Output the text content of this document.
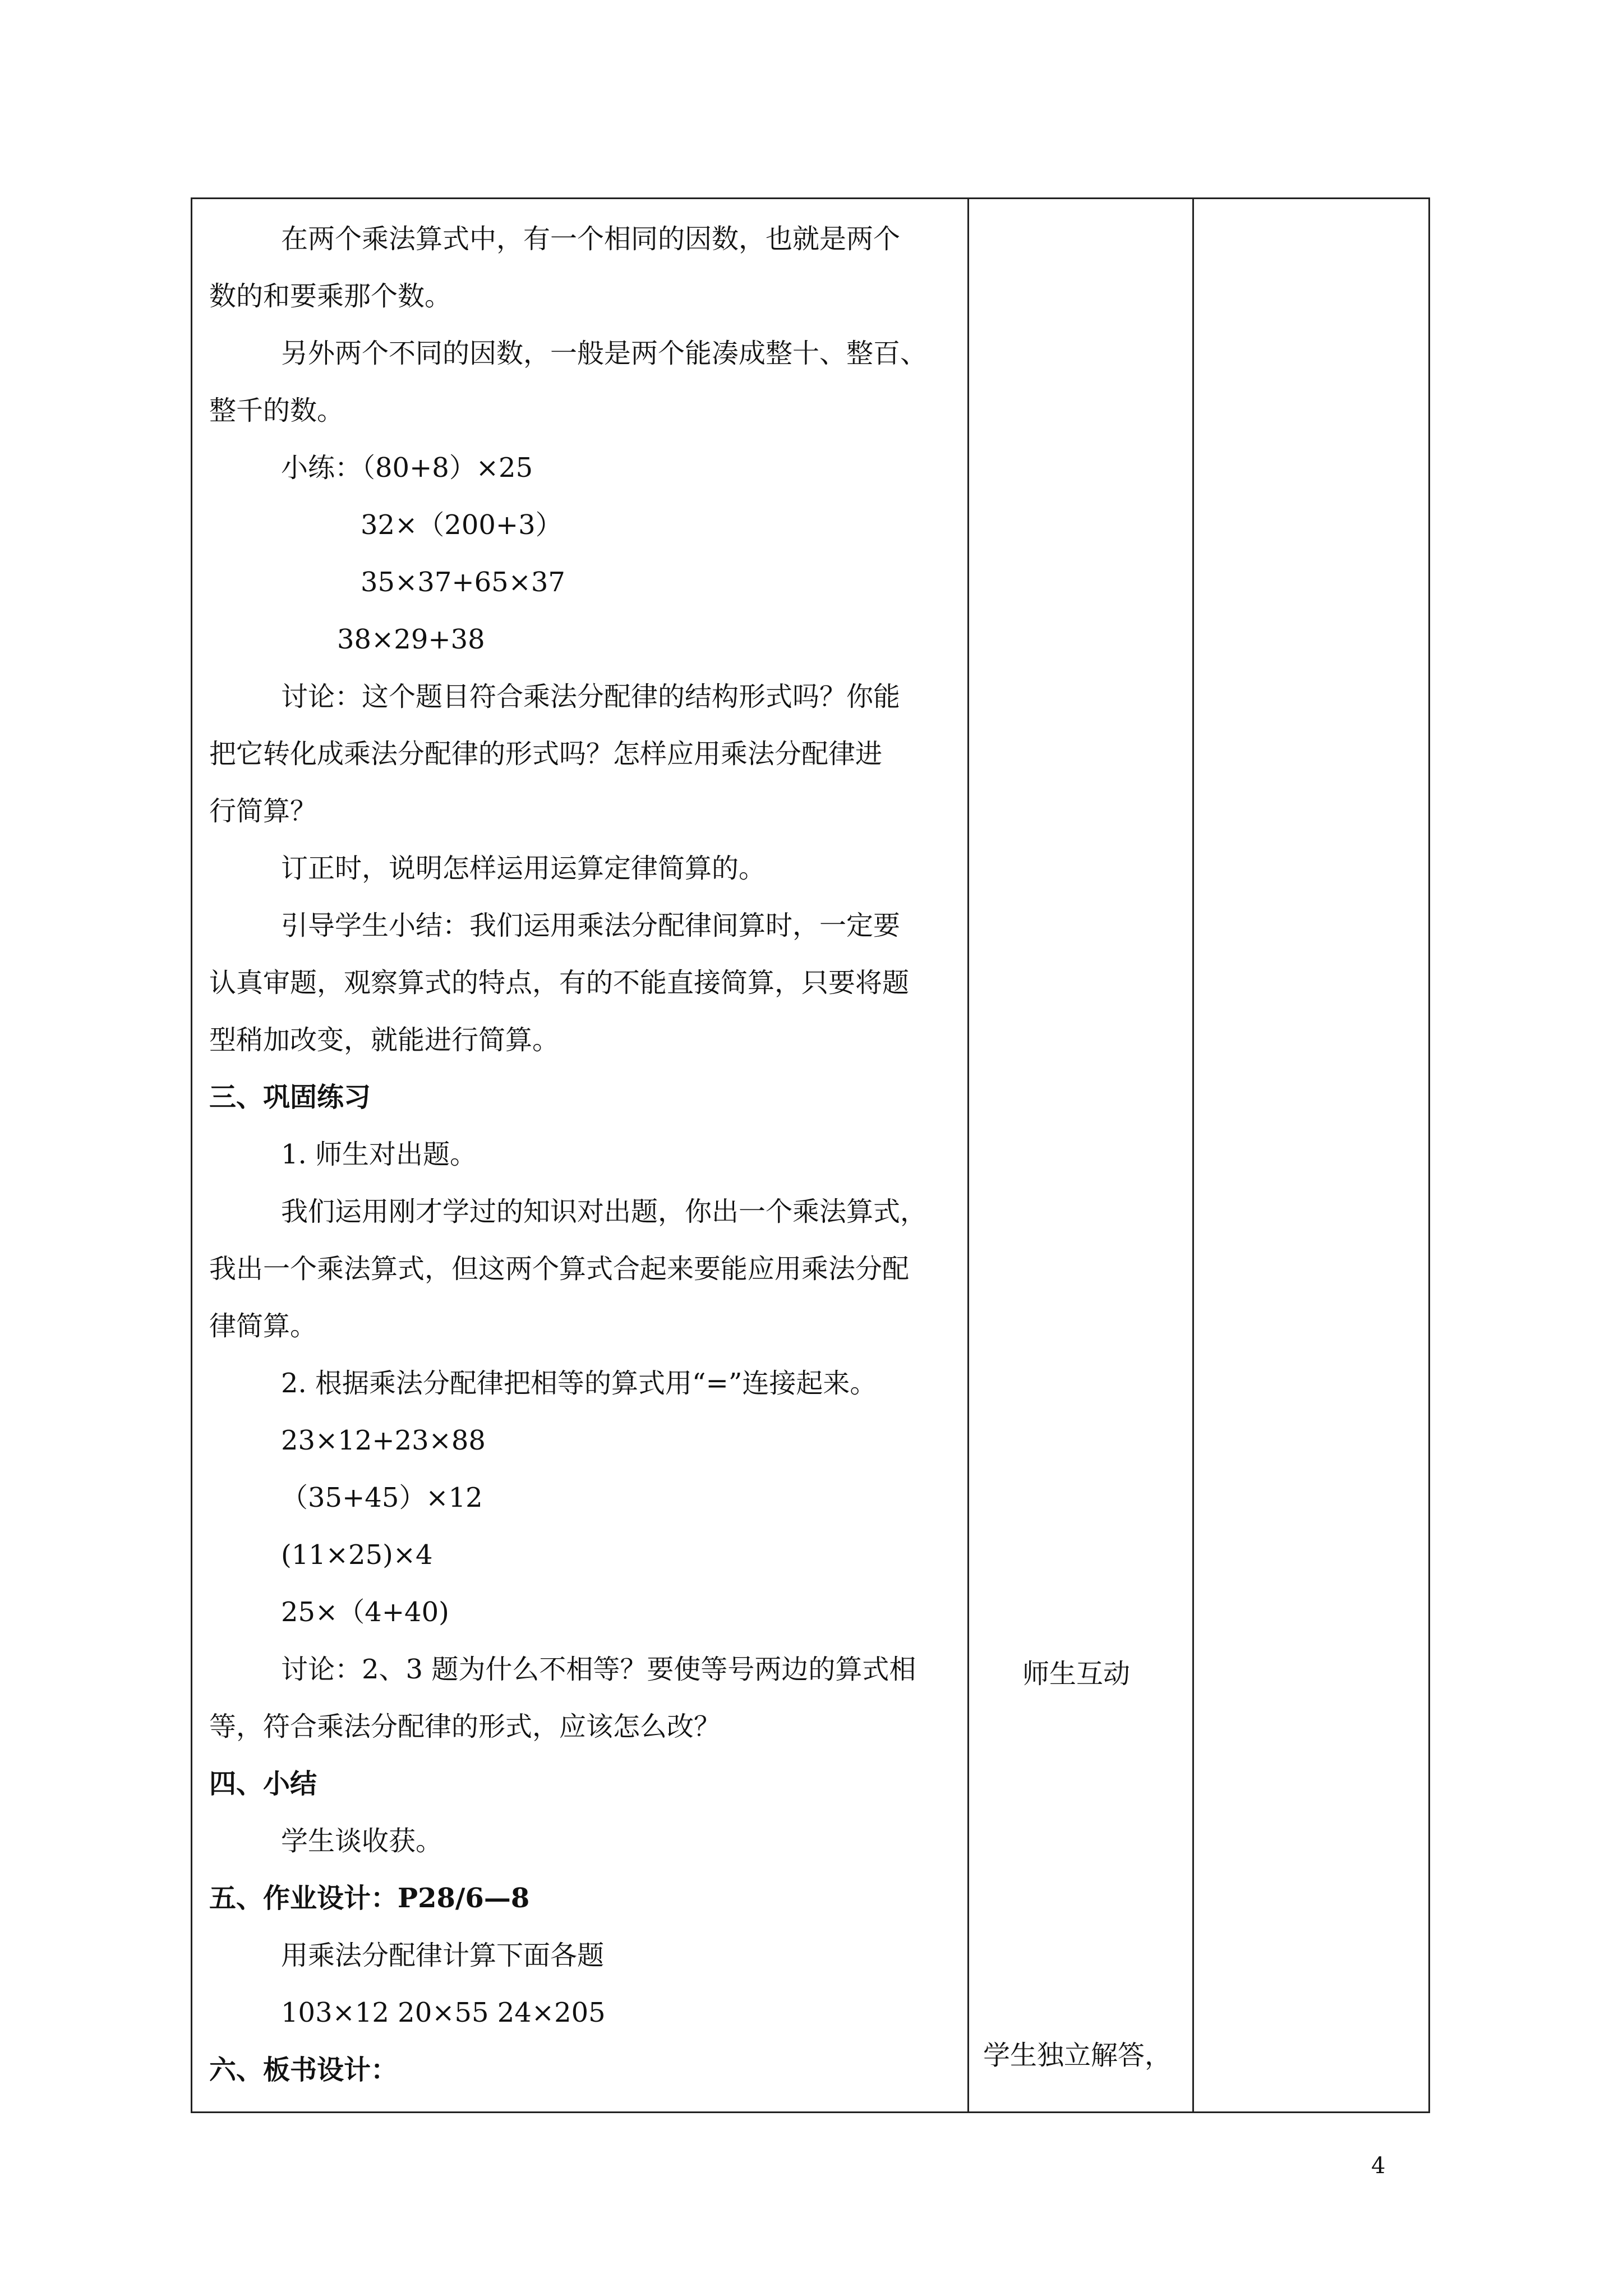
在两个乘法算式中，有一个相同的因数，也就是两个
数的和要乘那个数。
另外两个不同的因数，一般是两个能凑成整十、整百、
整千的数。
小练：（80+8）×25
32×（200+3）
35×37+65×37
38×29+38
讨论：这个题目符合乘法分配律的结构形式吗？你能
把它转化成乘法分配律的形式吗？怎样应用乘法分配律进
行简算？
订正时，说明怎样运用运算定律简算的。
引导学生小结：我们运用乘法分配律间算时，一定要
认真审题，观察算式的特点，有的不能直接简算，只要将题
型稍加改变，就能进行简算。
三、巩固练习
1. 师生对出题。
我们运用刚才学过的知识对出题，你出一个乘法算式，
我出一个乘法算式，但这两个算式合起来要能应用乘法分配
律简算。
2. 根据乘法分配律把相等的算式用“=”连接起来。
23×12+23×88
（35+45）×12
(11×25)×4
25×（4+40)
讨论：2、3 题为什么不相等？要使等号两边的算式相
等，符合乘法分配律的形式，应该怎么改？
四、小结
学生谈收获。
五、作业设计：P28/6—8
用乘法分配律计算下面各题
103×12 20×55 24×205
六、板书设计：
师生互动
学生独立解答，
4
